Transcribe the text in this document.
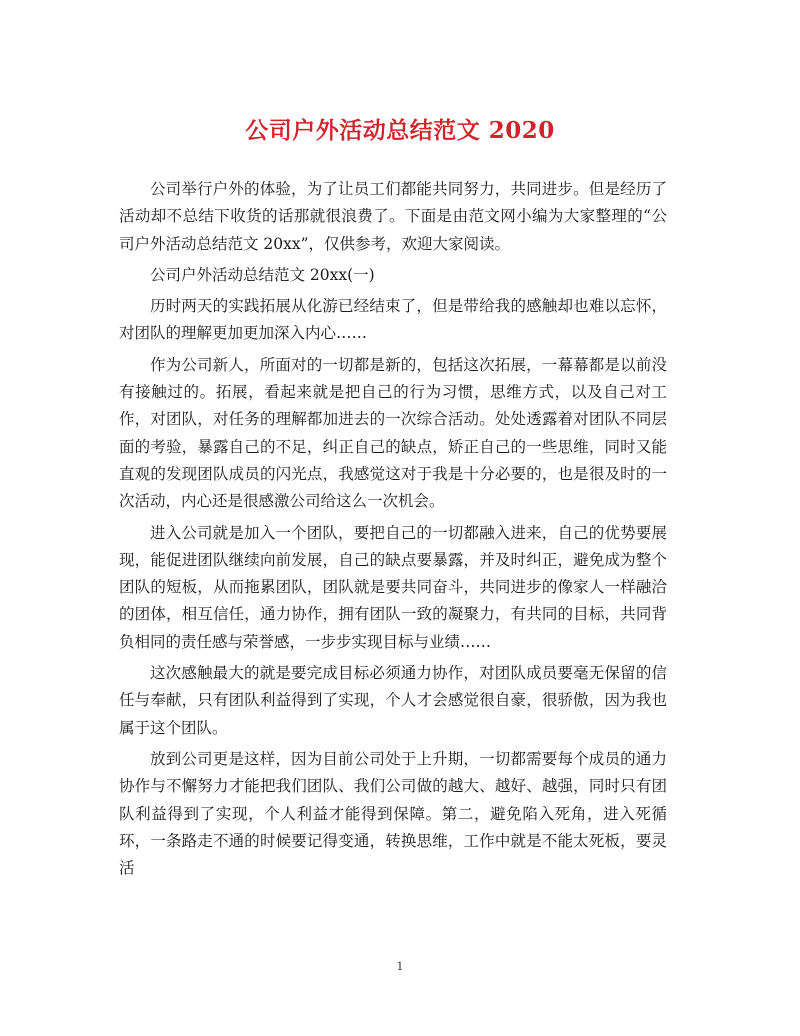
公司户外活动总结范文 2020

公司举行户外的体验，为了让员工们都能共同努力，共同进步。但是经历了活动却不总结下收货的话那就很浪费了。下面是由范文网小编为大家整理的“公司户外活动总结范文 20xx”，仅供参考，欢迎大家阅读。

公司户外活动总结范文 20xx(一)

历时两天的实践拓展从化游已经结束了，但是带给我的感触却也难以忘怀，对团队的理解更加更加深入内心……

作为公司新人，所面对的一切都是新的，包括这次拓展，一幕幕都是以前没有接触过的。拓展，看起来就是把自己的行为习惯，思维方式，以及自己对工作，对团队，对任务的理解都加进去的一次综合活动。处处透露着对团队不同层面的考验，暴露自己的不足，纠正自己的缺点，矫正自己的一些思维，同时又能直观的发现团队成员的闪光点，我感觉这对于我是十分必要的，也是很及时的一次活动，内心还是很感激公司给这么一次机会。

进入公司就是加入一个团队，要把自己的一切都融入进来，自己的优势要展现，能促进团队继续向前发展，自己的缺点要暴露，并及时纠正，避免成为整个团队的短板，从而拖累团队，团队就是要共同奋斗，共同进步的像家人一样融洽的团体，相互信任，通力协作，拥有团队一致的凝聚力，有共同的目标，共同背负相同的责任感与荣誉感，一步步实现目标与业绩……

这次感触最大的就是要完成目标必须通力协作，对团队成员要毫无保留的信任与奉献，只有团队利益得到了实现，个人才会感觉很自豪，很骄傲，因为我也属于这个团队。

放到公司更是这样，因为目前公司处于上升期，一切都需要每个成员的通力协作与不懈努力才能把我们团队、我们公司做的越大、越好、越强，同时只有团队利益得到了实现，个人利益才能得到保障。第二，避免陷入死角，进入死循环，一条路走不通的时候要记得变通，转换思维，工作中就是不能太死板，要灵活

1
